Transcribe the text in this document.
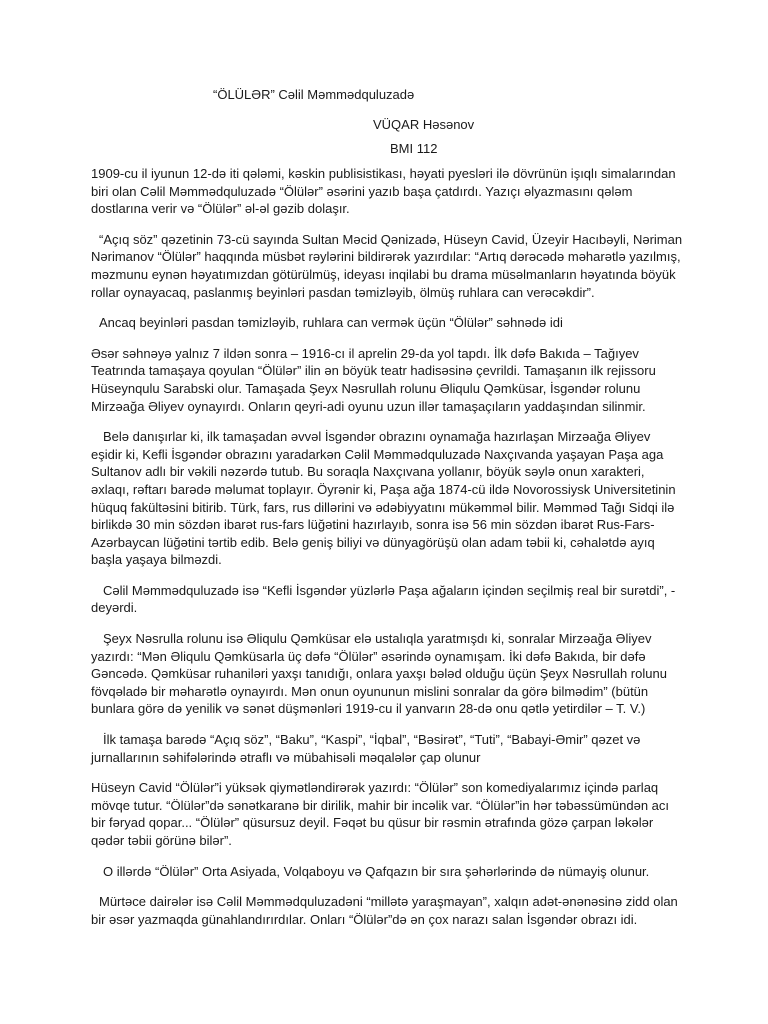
“ÖLÜLƏR” Cəlil Məmmədquluzadə

VÜQAR Həsənov

BMI 112

1909-cu il iyunun 12-də iti qələmi, kəskin publisistikası, həyati pyesləri ilə dövrünün işıqlı simalarından biri olan Cəlil Məmmədquluzadə “Ölülər” əsərini yazıb başa çatdırdı. Yazıçı əlyazmasını qələm dostlarına verir və “Ölülər” əl-əl gəzib dolaşır.

“Açıq söz” qəzetinin 73-cü sayında Sultan Məcid Qənizadə, Hüseyn Cavid, Üzeyir Hacıbəyli, Nəriman Nərimanov “Ölülər” haqqında müsbət rəylərini bildirərək yazırdılar: “Artıq dərəcədə məharətlə yazılmış, məzmunu eynən həyatımızdan götürülmüş, ideyası inqilabi bu drama müsəlmanların həyatında böyük rollar oynayacaq, paslanmış beyinləri pasdan təmizləyib, ölmüş ruhlara can verəcəkdir”.

Ancaq beyinləri pasdan təmizləyib, ruhlara can vermək üçün “Ölülər” səhnədə idi

Əsər səhnəyə yalnız 7 ildən sonra – 1916-cı il aprelin 29-da yol tapdı. İlk dəfə Bakıda – Tağıyev Teatrında tamaşaya qoyulan “Ölülər” ilin ən böyük teatr hadisəsinə çevrildi. Tamaşanın ilk rejissoru Hüseynqulu Sarabski olur. Tamaşada Şeyx Nəsrullah rolunu Əliqulu Qəmküsar, İsgəndər rolunu Mirzəağa Əliyev oynayırdı. Onların qeyri-adi oyunu uzun illər tamaşaçıların yaddaşından silinmir.

Belə danışırlar ki, ilk tamaşadan əvvəl İsgəndər obrazını oynamağa hazırlaşan Mirzəağa Əliyev eşidir ki, Kefli İsgəndər obrazını yaradarkən Cəlil Məmmədquluzadə Naxçıvanda yaşayan Paşa aga Sultanov adlı bir vəkili nəzərdə tutub. Bu soraqla Naxçıvana yollanır, böyük səylə onun xarakteri, əxlaqı, rəftarı barədə məlumat toplayır. Öyrənir ki, Paşa ağa 1874-cü ildə Novorossiysk Universitetinin hüquq fakültəsini bitirib. Türk, fars, rus dillərini və ədəbiyyatını mükəmməl bilir. Məmməd Tağı Sidqi ilə birlikdə 30 min sözdən ibarət rus-fars lüğətini hazırlayıb, sonra isə 56 min sözdən ibarət Rus-Fars-Azərbaycan lüğətini tərtib edib. Belə geniş biliyi və dünyagörüşü olan adam təbii ki, cəhalətdə ayıq başla yaşaya bilməzdi.

Cəlil Məmmədquluzadə isə “Kefli İsgəndər yüzlərlə Paşa ağaların içindən seçilmiş real bir surətdi”, - deyərdi.

Şeyx Nəsrulla rolunu isə Əliqulu Qəmküsar elə ustalıqla yaratmışdı ki, sonralar Mirzəağa Əliyev yazırdı: “Mən Əliqulu Qəmküsarla üç dəfə “Ölülər” əsərində oynamışam. İki dəfə Bakıda, bir dəfə Gəncədə. Qəmküsar ruhaniləri yaxşı tanıdığı, onlara yaxşı bələd olduğu üçün Şeyx Nəsrullah rolunu fövqəladə bir məharətlə oynayırdı. Mən onun oyununun mislini sonralar da görə bilmədim” (bütün bunlara görə də yenilik və sənət düşmənləri 1919-cu il yanvarın 28-də onu qətlə yetirdilər – T. V.)

İlk tamaşa barədə “Açıq söz”, “Baku”, “Kaspi”, “İqbal”, “Bəsirət”, “Tuti”, “Babayi-Əmir” qəzet və jurnallarının səhifələrində ətraflı və mübahisəli məqalələr çap olunur

Hüseyn Cavid “Ölülər”i yüksək qiymətləndirərək yazırdı: “Ölülər” son komediyalarımız içində parlaq mövqe tutur. “Ölülər”də sənətkaranə bir dirilik, mahir bir incəlik var. “Ölülər”in hər təbəssümündən acı bir fəryad qopar... “Ölülər” qüsursuz deyil. Fəqət bu qüsur bir rəsmin ətrafında gözə çarpan ləkələr qədər təbii görünə bilər”.

O illərdə “Ölülər” Orta Asiyada, Volqaboyu və Qafqazın bir sıra şəhərlərində də nümayiş olunur.

Mürtəce dairələr isə Cəlil Məmmədquluzadəni “millətə yaraşmayan”, xalqın adət-ənənəsinə zidd olan bir əsər yazmaqda günahlandırırdılar. Onları “Ölülər”də ən çox narazı salan İsgəndər obrazı idi.
